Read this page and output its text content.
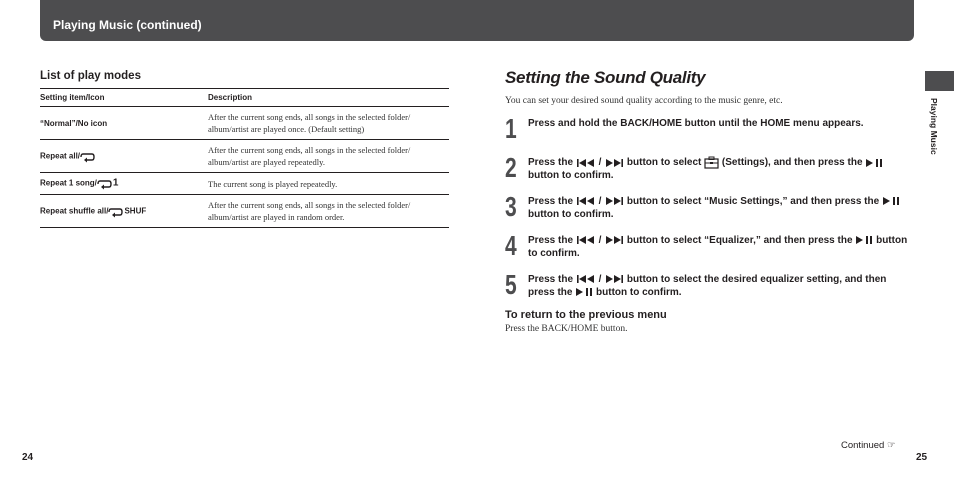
Playing Music (continued)
Playing Music

List of play modes

Setting item/Icon	Description
“Normal”/No icon	After the current song ends, all songs in the selected folder/ album/artist are played once. (Default setting)
Repeat all/	After the current song ends, all songs in the selected folder/ album/artist are played repeatedly.
Repeat 1 song/ 1	The current song is played repeatedly.
Repeat shuffle all/ SHUF	After the current song ends, all songs in the selected folder/ album/artist are played in random order.

Setting the Sound Quality

You can set your desired sound quality according to the music genre, etc.

1 Press and hold the BACK/HOME button until the HOME menu appears.
2 Press the  /  button to select  (Settings), and then press the  button to confirm.
3 Press the  /  button to select “Music Settings,” and then press the  button to confirm.
4 Press the  /  button to select “Equalizer,” and then press the  button to confirm.
5 Press the  /  button to select the desired equalizer setting, and then press the  button to confirm.

To return to the previous menu

Press the BACK/HOME button.

24	25
Continued ☞
